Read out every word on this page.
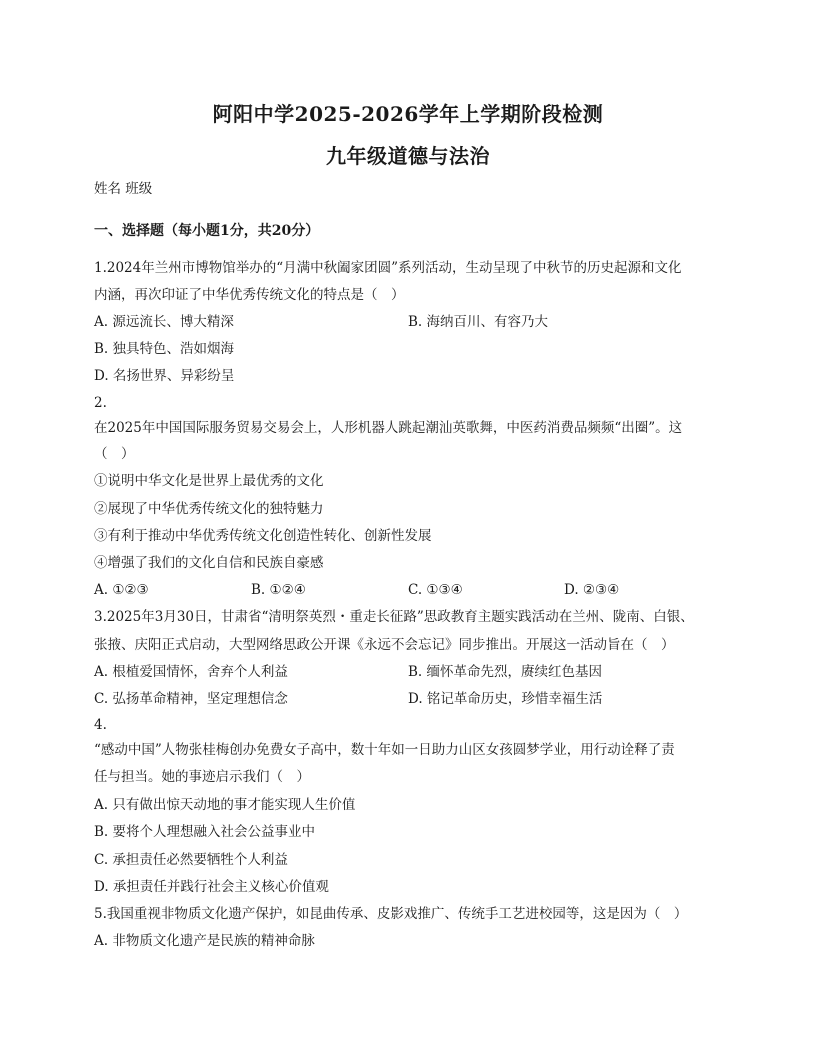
阿阳中学2025-2026学年上学期阶段检测
九年级道德与法治
姓名 班级
一、选择题（每小题1分，共20分）
1.2024年兰州市博物馆举办的“月满中秋阖家团圆”系列活动，生动呈现了中秋节的历史起源和文化
内涵，再次印证了中华优秀传统文化的特点是（　）
A. 源远流长、博大精深	B. 海纳百川、有容乃大
B. 独具特色、浩如烟海
D. 名扬世界、异彩纷呈
2.
在2025年中国国际服务贸易交易会上，人形机器人跳起潮汕英歌舞，中医药消费品频频“出圈”。这
（　）
①说明中华文化是世界上最优秀的文化
②展现了中华优秀传统文化的独特魅力
③有利于推动中华优秀传统文化创造性转化、创新性发展
④增强了我们的文化自信和民族自豪感
A. ①②③	B. ①②④	C. ①③④	D. ②③④
3.2025年3月30日，甘肃省“清明祭英烈・重走长征路”思政教育主题实践活动在兰州、陇南、白银、
张掖、庆阳正式启动，大型网络思政公开课《永远不会忘记》同步推出。开展这一活动旨在（　）
A. 根植爱国情怀，舍弃个人利益	B. 缅怀革命先烈，赓续红色基因
C. 弘扬革命精神，坚定理想信念	D. 铭记革命历史，珍惜幸福生活
4.
“感动中国”人物张桂梅创办免费女子高中，数十年如一日助力山区女孩圆梦学业，用行动诠释了责
任与担当。她的事迹启示我们（　）
A. 只有做出惊天动地的事才能实现人生价值
B. 要将个人理想融入社会公益事业中
C. 承担责任必然要牺牲个人利益
D. 承担责任并践行社会主义核心价值观
5.我国重视非物质文化遗产保护，如昆曲传承、皮影戏推广、传统手工艺进校园等，这是因为（　）
A. 非物质文化遗产是民族的精神命脉
